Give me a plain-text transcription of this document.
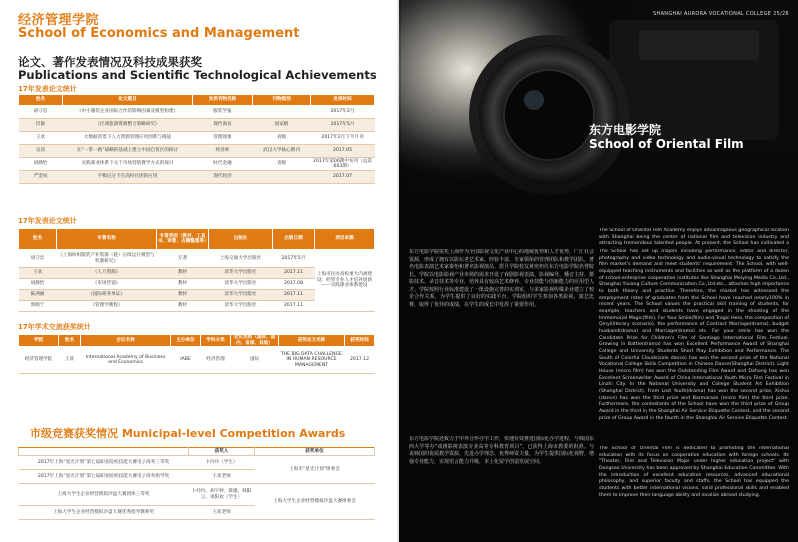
经济管理学院
School of Economics and Management
论文、著作发表情况及科技成果获奖
Publications and Scientific Technological Achievements
17年发表论文统计
姓名	论文题目	发表刊物名称	刊物级别	发表时间
胡守忠	《中小服装企业国际合作的影响因素及模型构建》	服装学报		2017年2月
臣敏	《区域旅游资源整合策略研究》	现代商业	国家级	2017年5月
王欢	大数据背景下人力资源管理应用创新与挑战	管理现象	省级	2017年2月下半月刊
吴清	在“一带一路”战略的基础上建立中国自贸区的探讨	经济师	武汉大学核心期刊	2017.05
胡静怡	实践课业体系下关于市场营销教学方式的探讨	时代金融	省级	2017年第06期中旬刊（总第663期）
严金凤	平衡记分卡在高校社团的应用	现代经济		2017.07
17年发表论文统计
姓名	专著名称	专著类别（教材、工具书、译著、古籍整理等）	出版社	出版日期	项目来源
胡守忠	《上海纺织服装产业集群（链）后续运行模型与机制研究》	专著	上海交通大学出版社	2017年5月	上海市民办高校重大内涵建设：经管专业人才培养创新——实践课业体系建设
王欢	《人力资源》	教材	清华大学出版社	2017.11	
胡静怡	《市场营销》	教材	清华大学出版社	2017.08	
陈洲丽	《国际商务单证》	教材	清华大学出版社	2017.11	
郭晓宁	《管理学教程》	教材	清华大学出版社	2017.11	
17年学术交流获奖统计
学院	姓名	会议名称	主办单位	学科分类	会议类别（国际、国内、省部、其他）	获奖论文名称	获奖时间
经济管理学院	王欢	International Academy of Business and Economics	IABE	经济管理	国际	THE BIG DATA CHALLENGE IN HUMAN RESOURCE MANAGEMENT	2017.12
市级竞赛获奖情况 Municipal-level Competition Awards
	获奖人	获奖单位
2017年上海“星光计划”第七届职业院校技能大赛电子商务三等奖	卜玲玲（学生）	上海市“星光计划”组委会
2017年上海“星光计划”第七届职业院校技能大赛电子商务指导奖	王欢老师	
上海大学生企业经营模拟沙盘大赛团体三等奖	卜玲玲、胡宇婷、蔡雄、韩阳云、项阳欢（学生）	上海大学生企业经营模拟沙盘大赛组委会
上海大学生企业经营模拟沙盘大赛优秀指导教师奖	王欢老师	
SHANGHAI AURORA VOCATIONAL COLLEGE 25/26
东方电影学院
School of Oriental Film
The School of Oriental Film Academy enjoys advantageous geographical location with Shanghai being the center of national film and television industry and attracting tremendous talented people. At present, the School has cultivated a
东方电影学院依托上海作为全国影视文化产业中心的地域优势和人才优势，广汇社会资源，形成了拥有以影坛老艺术家、经验丰富、专家领衔的管理团队和教学团队，著名电影表演艺术家秦怡和著名影视演员、震旦学院校友黄奕担任东方电影学院名誉院长。学院以电影影视产业市场的需求开设了戏剧影视表演、影视编导、播音主持、摄影技术、录音技术等专业，培养具有较高艺术修养、专业技能与创新能力的应用型人才。学院按照行业标准建设了一批设施完善的实训室，与多家影视传媒企业建立了校企合作关系，为学生提供了良好的实践平台。学院组织学生参加各类影视、演艺比赛，取得了优异的成绩，在学生的成长中发挥了重要作用。
The School has set up majors including performance, editor and director, photography and video technology and audio-visual technology to satisfy the film market's demand and meet students' requirement. The School, with well-equipped teaching instruments and facilities as well as the platform of a dozen of school-enterprise cooperation institutes like Shanghai Meiying Media Co.,Ltd., Shanghai Yixiang Culture Communication Co.,Ltd.etc., attaches high importance to both theory and practice. Therefore, the market has witnessed the employment rates of graduates from the School have reached nearly100% in recent years. The School values the practical skill training of students, for example, teachers and students have engaged in the shooting of the Immemorial Magic(film), For Your Smile(film) and Tragic Hero, the composition of Qinyi(literary scenario), the performance of Contract Marriage(drama), budget husband(drama) and Marriage(drama) etc. For your smile has won the Candidate Prize for Children's Film of Santiago International Film Festival. Growing in Battle(drama) has won Excellent Performance Award of Shanghai College and University Students Short Play Exhibition and Performance. The South of Colorful Clouds(solo dance) has won the second prize of the National Vocational College Skills Competition in Chinese Dance(Shanghai District). Light House (micro film) has won the Outstanding Film Award and Dahong has won Excellent Screenwriter Award of China International Youth Micro Film Festival in Linzhi City. In the National University and College Student Art Exhibition (Shanghai District), From Lost Youth(drama) has won the second prize, Xishui (dance) has won the third prize and Barmaraze (micro film) the third prize. Furthermore, the contestants of the School have won the third prize of Group Award in the third in the Shanghai Air Service Etiquette Contest, and the second prize of Group Award in the fourth in the Shanghai Air Service Etiquette Contest.
东方电影学院还致力于中外合作办学工作，快速有效推进国际化办学进程，与韩国东西大学等办“戏剧影视表演专业高等专科教育项目”，已获得上海市教委的批准。与说韩国的优质教学资源、先进办学理念、优秀师资力量，为学生提供国际化视野，增强专业能力，实现语言能力升级，本土化留学创造发展空间。
The School of Oriental Film is dedicated to promoting the international education with its focus on cooperative education with foreign schools. Its "Theater, Film and Television Major under higher education project" with Dongseo University has been approved by Shanghai Education Committee. With the introduction of excellent education resources, advanced educational philosophy, and superior faculty and staffs, the School has equipped the students with better international visions, solid professional skills and enabled them to improve their language ability and localize abroad studying.
